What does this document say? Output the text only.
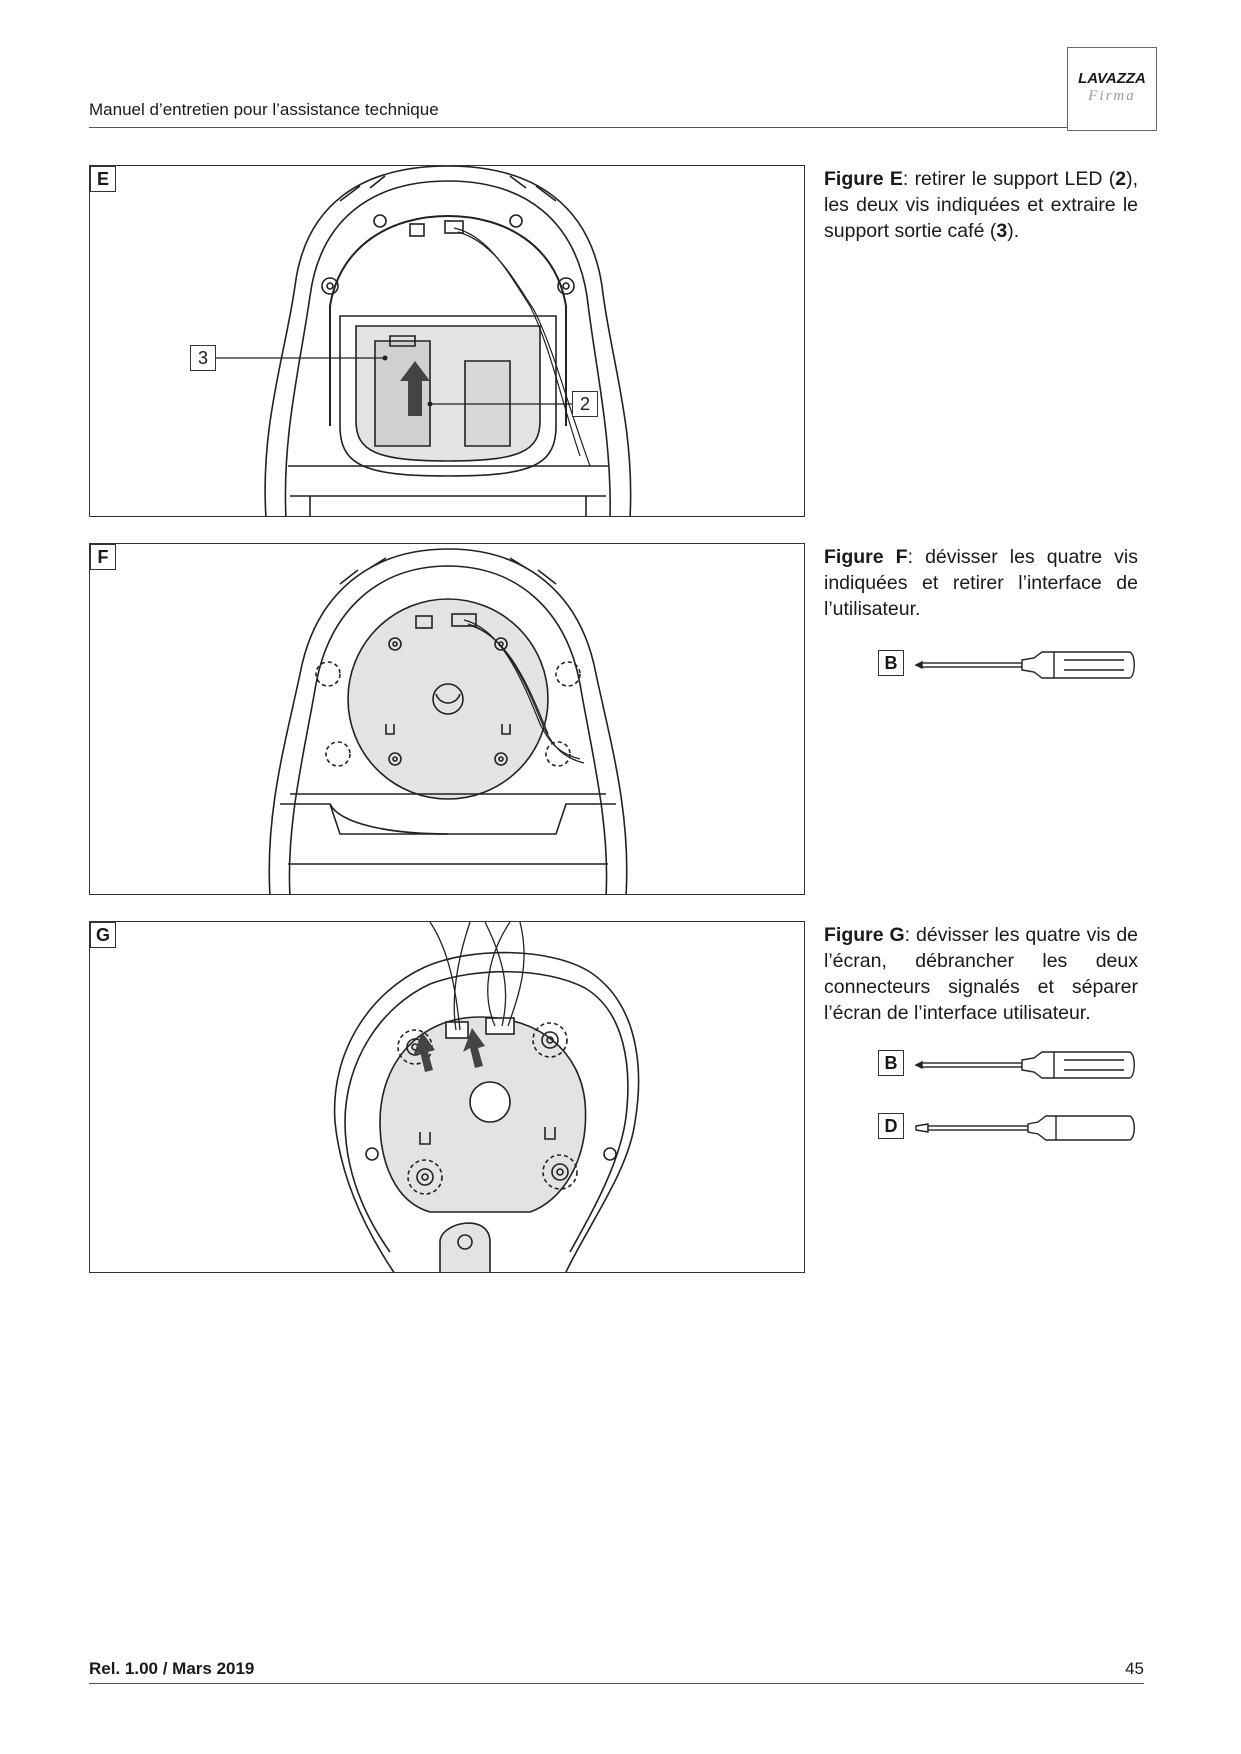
Manuel d’entretien pour l’assistance technique
LAVAZZA
Firma
E
3
2
F
G
Figure E: retirer le support LED (2), les deux vis indiquées et extraire le support sortie café (3).
Figure F: dévisser les quatre vis indiquées et retirer l’interface de l’utilisateur.
B
Figure G: dévisser les quatre vis de l’écran, débrancher les deux connecteurs signalés et séparer l’écran de l’interface utilisateur.
B
D
Rel. 1.00 / Mars 2019	45
